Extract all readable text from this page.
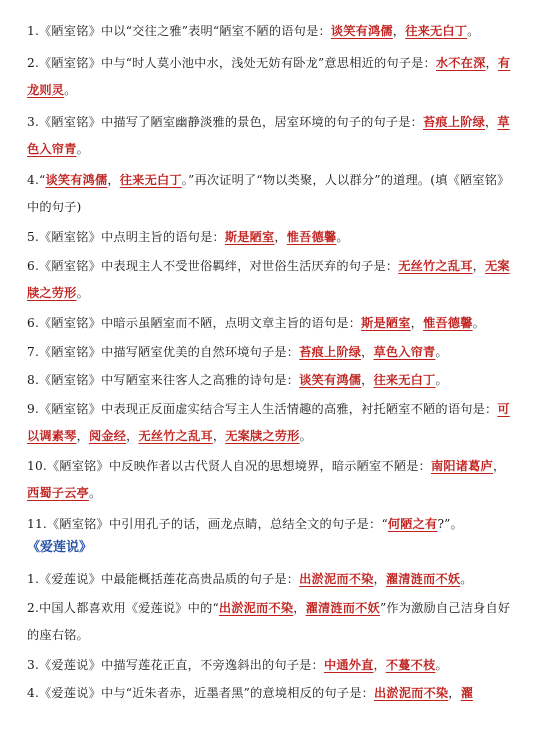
1.《陋室铭》中以“交往之雅”表明“陋室不陋的语句是：谈笑有鸿儒，往来无白丁。
2.《陋室铭》中与“时人莫小池中水，浅处无妨有卧龙”意思相近的句子是：水不在深，有龙则灵。
3.《陋室铭》中描写了陋室幽静淡雅的景色，居室环境的句子的句子是：苔痕上阶绿，草色入帘青。
4.“谈笑有鸿儒，往来无白丁。”再次证明了“物以类聚，人以群分”的道理。(填《陋室铭》中的句子)
5.《陋室铭》中点明主旨的语句是：斯是陋室，惟吾德馨。
6.《陋室铭》中表现主人不受世俗羁绊，对世俗生活厌弃的句子是：无丝竹之乱耳，无案牍之劳形。
6.《陋室铭》中暗示虽陋室而不陋，点明文章主旨的语句是：斯是陋室，惟吾德馨。
7.《陋室铭》中描写陋室优美的自然环境句子是：苔痕上阶绿，草色入帘青。
8.《陋室铭》中写陋室来往客人之高雅的诗句是：谈笑有鸿儒，往来无白丁。
9.《陋室铭》中表现正反面虚实结合写主人生活情趣的高雅，衬托陋室不陋的语句是：可以调素琴，阅金经，无丝竹之乱耳，无案牍之劳形。
10.《陋室铭》中反映作者以古代贤人自况的思想境界，暗示陋室不陋是：南阳诸葛庐，西蜀子云亭。
11.《陋室铭》中引用孔子的话，画龙点睛，总结全文的句子是：“何陋之有?”。
1.《爱莲说》中最能概括莲花高贵品质的句子是：出淤泥而不染，濯清涟而不妖。
2.中国人都喜欢用《爱莲说》中的“出淤泥而不染，濯清涟而不妖”作为激励自己洁身自好的座右铭。
3.《爱莲说》中描写莲花正直，不旁逸斜出的句子是：中通外直，不蔓不枝。
4.《爱莲说》中与“近朱者赤，近墨者黑”的意境相反的句子是：出淤泥而不染，濯
《爱莲说》
